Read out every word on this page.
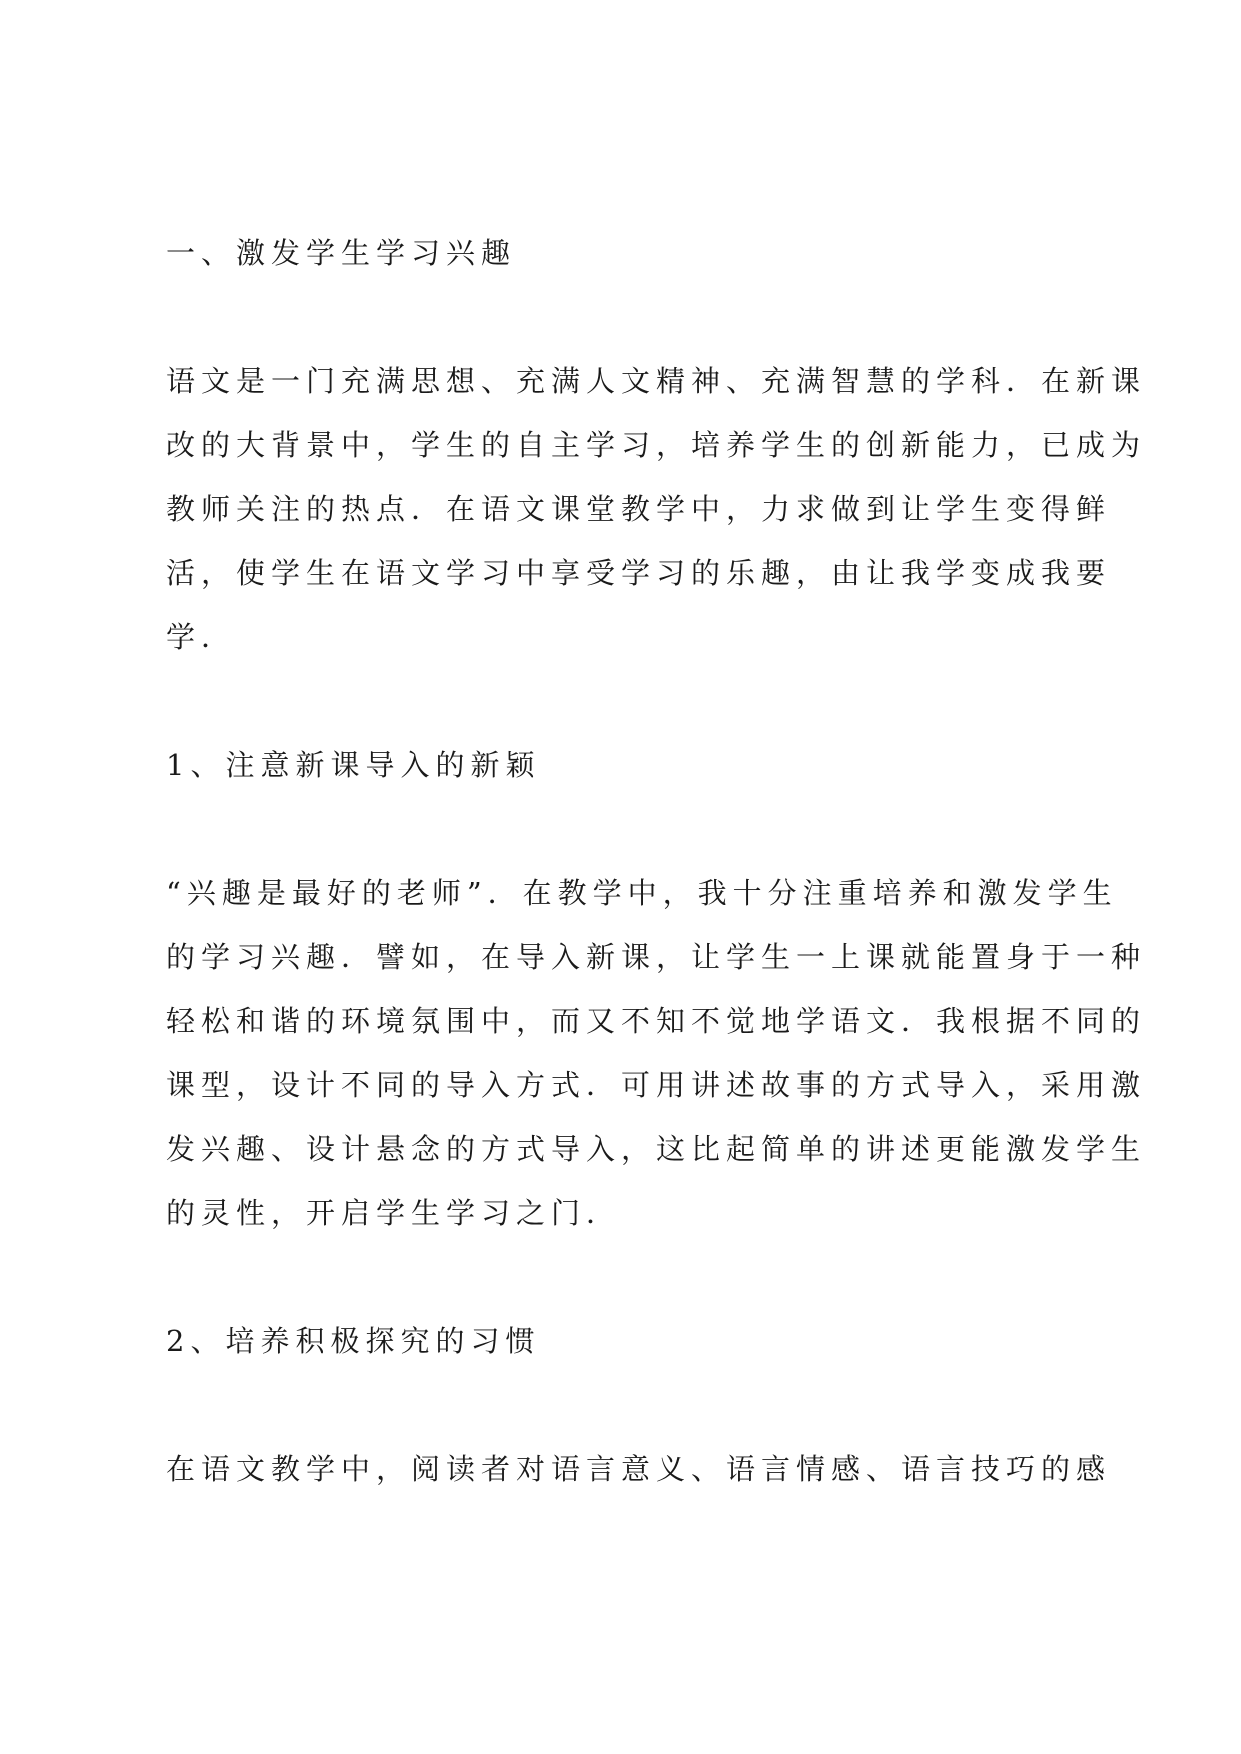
一、激发学生学习兴趣

语文是一门充满思想、充满人文精神、充满智慧的学科．在新课

改的大背景中，学生的自主学习，培养学生的创新能力，已成为

教师关注的热点．在语文课堂教学中，力求做到让学生变得鲜

活，使学生在语文学习中享受学习的乐趣，由让我学变成我要

学．

1、注意新课导入的新颖

“兴趣是最好的老师”．在教学中，我十分注重培养和激发学生

的学习兴趣．譬如，在导入新课，让学生一上课就能置身于一种

轻松和谐的环境氛围中，而又不知不觉地学语文．我根据不同的

课型，设计不同的导入方式．可用讲述故事的方式导入，采用激

发兴趣、设计悬念的方式导入，这比起简单的讲述更能激发学生

的灵性，开启学生学习之门．

2、培养积极探究的习惯

在语文教学中，阅读者对语言意义、语言情感、语言技巧的感
